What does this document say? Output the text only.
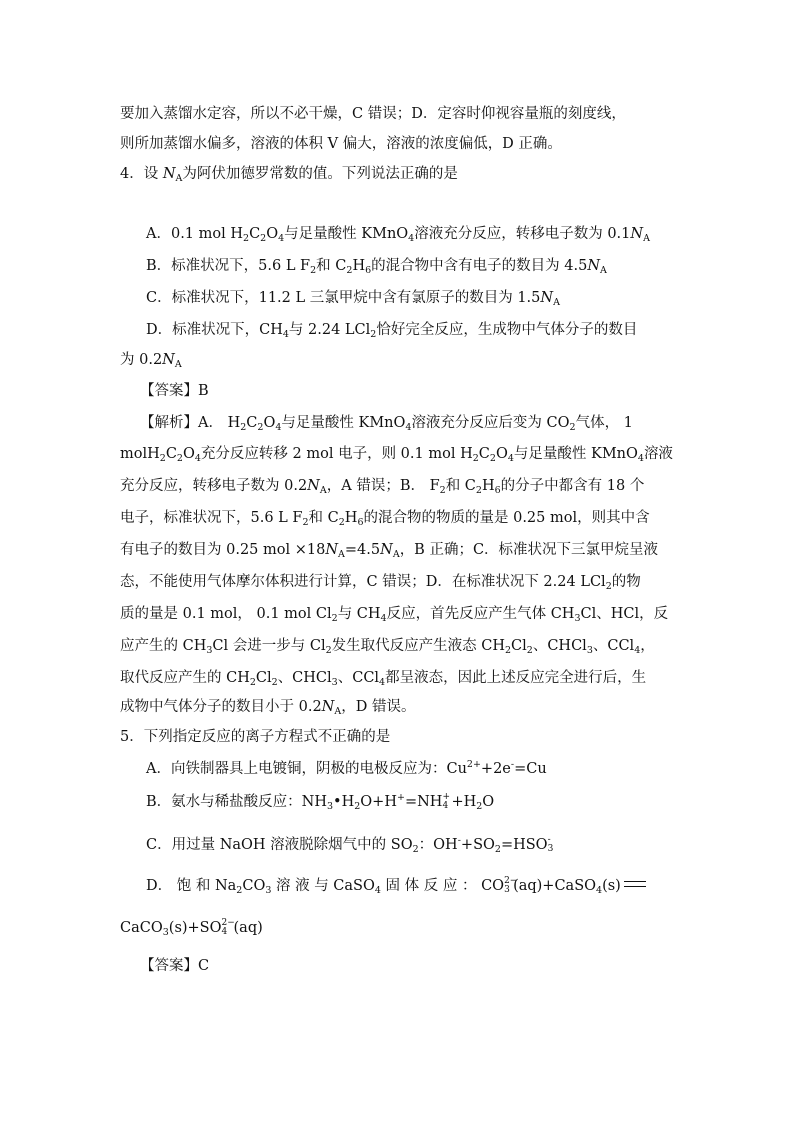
要加入蒸馏水定容，所以不必干燥，C 错误；D．定容时仰视容量瓶的刻度线，
则所加蒸馏水偏多，溶液的体积 V 偏大，溶液的浓度偏低，D 正确。
4．设 $N_A$为阿伏加德罗常数的值。下列说法正确的是
A．0.1 mol $H_2C_2O_4$与足量酸性 KMnO$_4$溶液充分反应，转移电子数为 $0.1N_A$
B．标准状况下，5.6 L $F_2$和 $C_2H_6$的混合物中含有电子的数目为 $4.5N_A$
C．标准状况下，11.2 L 三氯甲烷中含有氯原子的数目为 $1.5N_A$
D．标准状况下，$CH_4$与 2.24 LCl$_2$恰好完全反应，生成物中气体分子的数目
为 $0.2N_A$
【答案】B
【解析】A． $H_2C_2O_4$与足量酸性 KMnO$_4$溶液充分反应后变为 $CO_2$气体， 1
$molH_2C_2O_4$充分反应转移 2 mol 电子，则 0.1 mol $H_2C_2O_4$与足量酸性 KMnO$_4$溶液
充分反应，转移电子数为 $0.2N_A$，A 错误；B． $F_2$和 $C_2H_6$的分子中都含有 18 个
电子，标准状况下，5.6 L $F_2$和 $C_2H_6$的混合物的物质的量是 0.25 mol，则其中含
有电子的数目为 0.25 mol $\times 18N_A=4.5N_A$，B 正确；C．标准状况下三氯甲烷呈液
态，不能使用气体摩尔体积进行计算，C 错误；D．在标准状况下 2.24 LCl$_2$的物
质的量是 0.1 mol， 0.1 mol $Cl_2$与 $CH_4$反应，首先反应产生气体 $CH_3Cl$、HCl，反
应产生的 $CH_3Cl$ 会进一步与 $Cl_2$发生取代反应产生液态 $CH_2Cl_2$、CHCl$_3$、CCl$_4$，
取代反应产生的 $CH_2Cl_2$、CHCl$_3$、CCl$_4$都呈液态，因此上述反应完全进行后，生
成物中气体分子的数目小于 $0.2N_A$，D 错误。
5．下列指定反应的离子方程式不正确的是
A．向铁制器具上电镀铜，阴极的电极反应为：$Cu^{2+}+2e^-=Cu$
B．氨水与稀盐酸反应：$NH_3•H_2O+H^+=NH$ +
$4 +H_2O$
C．用过量 NaOH 溶液脱除烟气中的 $SO_2$：$OH^-+SO_2=HSO$ -
3
D． 饱 和 $Na_2CO_3$ 溶 液 与 CaSO$_4$ 固 体 反 应 ： CO 2−
3 (aq)+CaSO$_4$(s)
CaCO$_3$(s)+SO 2−
4 (aq)
【答案】C
